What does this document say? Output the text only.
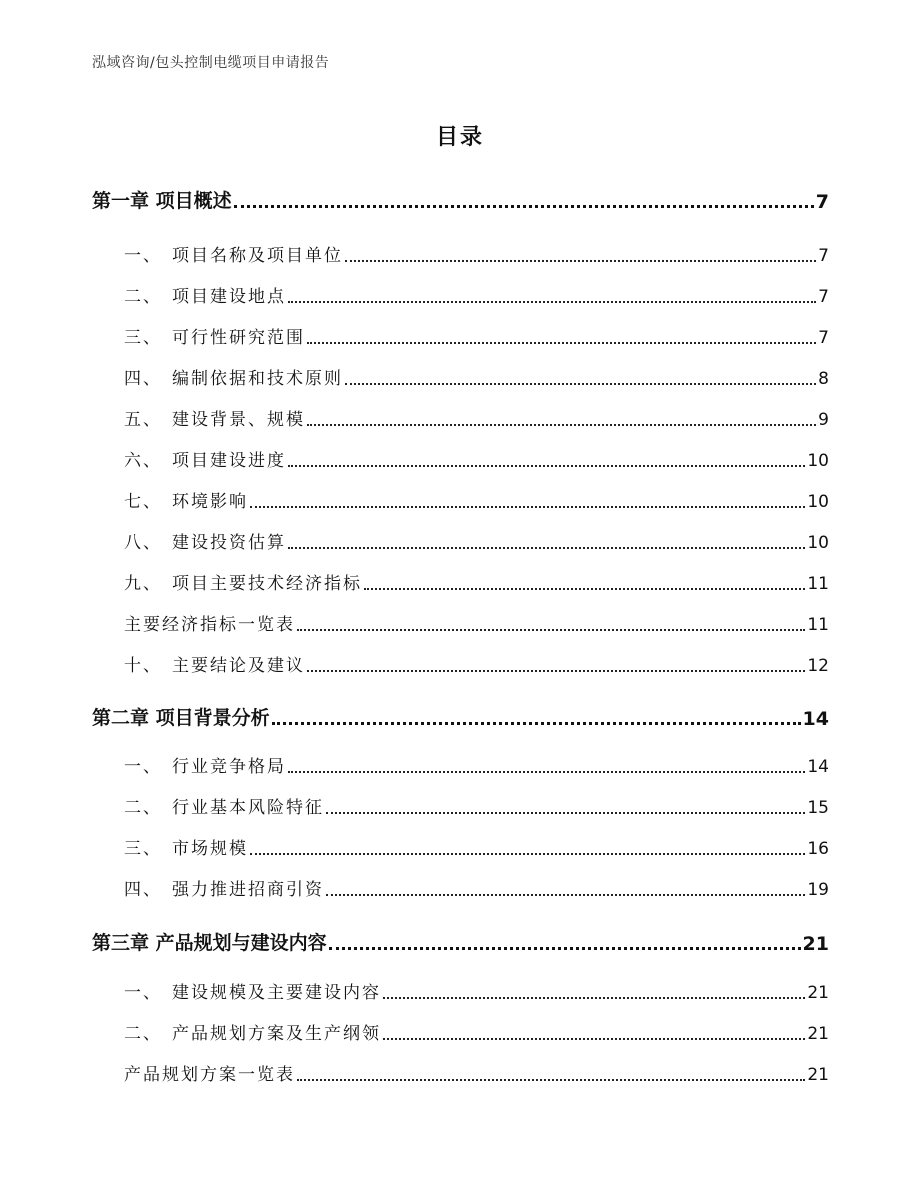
泓域咨询/包头控制电缆项目申请报告
目录
第一章 项目概述	7
一、 项目名称及项目单位	7
二、 项目建设地点	7
三、 可行性研究范围	7
四、 编制依据和技术原则	8
五、 建设背景、规模	9
六、 项目建设进度	10
七、 环境影响	10
八、 建设投资估算	10
九、 项目主要技术经济指标	11
主要经济指标一览表	11
十、 主要结论及建议	12
第二章 项目背景分析	14
一、 行业竞争格局	14
二、 行业基本风险特征	15
三、 市场规模	16
四、 强力推进招商引资	19
第三章 产品规划与建设内容	21
一、 建设规模及主要建设内容	21
二、 产品规划方案及生产纲领	21
产品规划方案一览表	21
